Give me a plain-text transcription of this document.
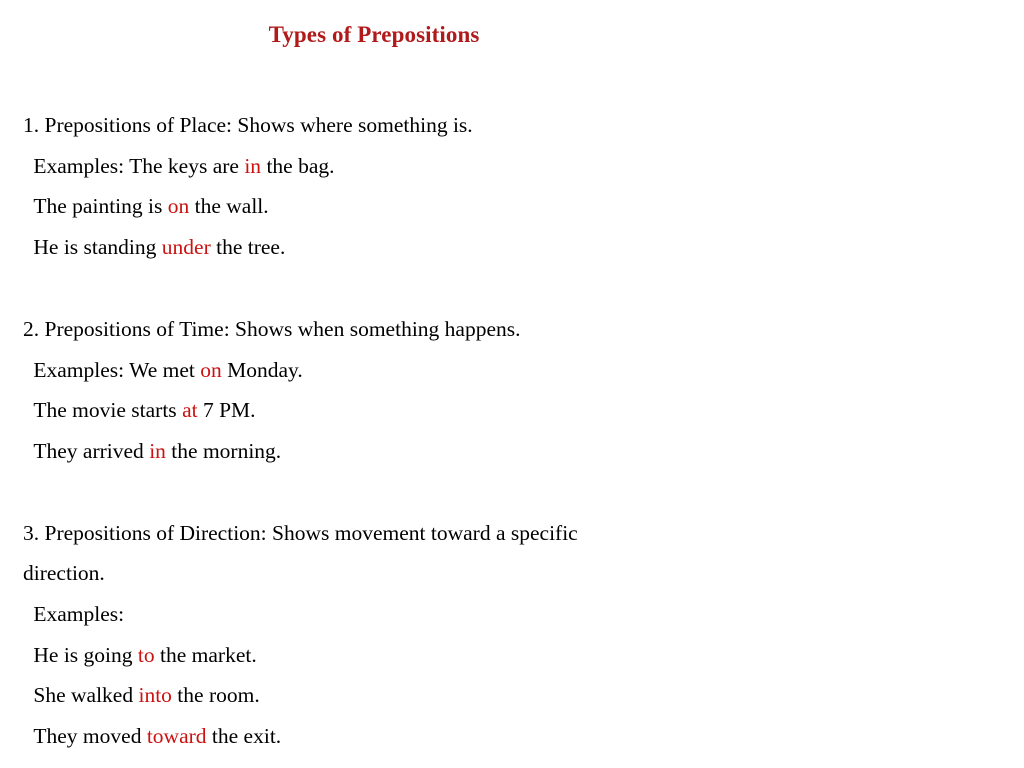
Types of Prepositions
1. Prepositions of Place: Shows where something is.
Examples: The keys are in the bag.
The painting is on the wall.
He is standing under the tree.
2. Prepositions of Time: Shows when something happens.
Examples: We met on Monday.
The movie starts at 7 PM.
They arrived in the morning.
3. Prepositions of Direction: Shows movement toward a specific direction.
Examples:
He is going to the market.
She walked into the room.
They moved toward the exit.
